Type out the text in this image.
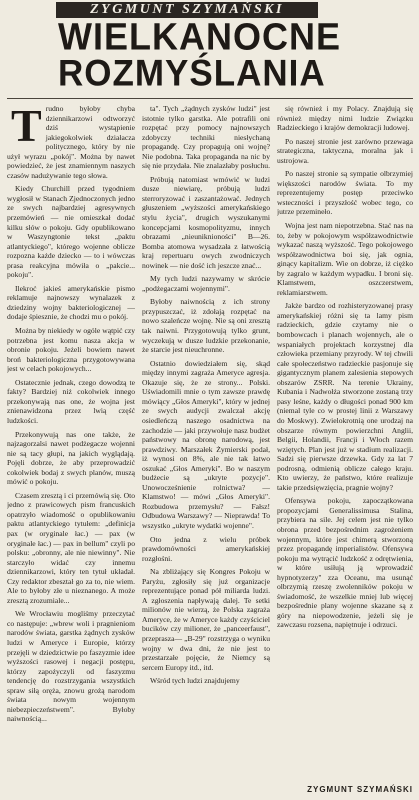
ZYGMUNT SZYMAŃSKI
WIELKANOCNE
ROZMYŚLANIA

Trudno byłoby chyba dziennikarzowi odtworzyć dziś wystąpienie jakiegokolwiek działacza politycznego, który by nie użył wyrazu „pokój". Można by nawet powiedzieć, że jest znamiennym naszych czasów nadużywanie tego słowa.

Kiedy Churchill przed tygodniem wygłosił w Stanach Zjednoczonych jedno ze swych najbardziej agresywnych przemówień — nie omieszkał dodać kilku słów o pokoju. Gdy opublikowano w Waszyngtonie tekst „paktu atlantyckiego", którego wojenne oblicze rozpozna każde dziecko — to i wówczas prasa reakcyjna mówiła o „pakcie... pokoju".

Ilekroć jakieś amerykańskie pismo reklamuje najnowszy wynalazek z dziedziny wojny bakteriologicznej — dodaje śpiesznie, że chodzi mu o pokój.

Można by niekiedy w ogóle wątpić czy potrzebna jest komu nasza akcja w obronie pokoju. Jeżeli bowiem nawet broń bakteriologiczna przygotowywana jest w celach pokojowych...

Ostatecznie jednak, czego dowodzą te fakty? Bardziej niż cokolwiek innego przekonywają nas one, że wojna jest znienawidzona przez lwią część ludzkości.

Przekonywują nas one także, że najzagorzalsi nawet podżegacze wojenni nie są tacy głupi, na jakich wyglądają. Pojęli dobrze, że aby przeprowadzić cokolwiek bodaj z swych planów, muszą mówić o pokoju.

Czasem zresztą i ci przemówią się. Oto jedno z prawicowych pism francuskich opatrzyło wiadomość o opublikowaniu paktu atlantyckiego tytułem: „definicja pax (w oryginale łac.) — pax (w oryginale łac.) — pax in bellum" czyli po polsku: „obronny, ale nie niewinny". Nie starczyło widać czy innemu dziennikarzowi, który ten tytuł układał. Czy redaktor zbeształ go za to, nie wiem. Ale to byłoby złe u nieznanego. A może zresztą zrozumiale...

We Wrocławiu mogliśmy przeczytać co następuje: „wbrew woli i pragnieniom narodów świata, garstka żądnych zysków ludzi w Ameryce i Europie, którzy przejęli w dziedzictwie po faszyzmie idee wyższości rasowej i negacji postępu, którzy zapożyczyli od faszyzmu tendencję do rozstrzygania wszystkich spraw siłą oręża, znowu grożą narodom świata nowym wojennym niebezpieczeństwem". Byłoby naiwnością...

ta". Tych „żądnych zysków ludzi" jest istotnie tylko garstka. Ale potrafili oni rozpętać przy pomocy najnowszych zdobyczy techniki niesłychaną propagandę. Czy propagują oni wojnę? Nie podobna. Taka propaganda na nic by się nie przydała. Nie znalazłaby posłuchu.

Próbują natomiast wmówić w ludzi dusze niewiarę, próbują ludzi sterroryzować i zaszantażować. Jednych głuszeniem „wyższości amerykańskiego stylu życia", drugich wyszukanymi koncepcjami kosmopolityzmu, innych obrazami „nieuniknioności" B—26. Bomba atomowa wysadzała z łatwością kraj repertuaru owych zwodniczych nowinek — nie dość ich jeszcze znać...

My tych ludzi nazywamy w skrócie „podżegaczami wojennymi".

Byłoby naiwnością z ich strony przypuszczać, iż zdołają rozpętać na nowo szaleńcze wojnę. Nie są oni zresztą tak naiwni. Przygotowują tylko grunt, wyczekują w dusze ludzkie przekonanie, że starcie jest nieuchronne.

Ostatnio dowiedziałem się, skąd między innymi zagraża Ameryce agresja. Okazuje się, że ze strony... Polski. Uświadomili mnie o tym zawsze prawdę mówiący „Głos Ameryki", który w jednej ze swych audycji zwalczał akcję osiedleńczą naszego osadnictwa na zachodzie — jaki przywołuje nasz budżet państwowy na obronę narodową, jest prawdziwy. Marszałek Żymierski podał, iż wynosi on 8%, ale nie tak łatwo oszukać „Głos Ameryki". Bo w naszym budżecie są „ukryte pozycje". Unowocześnienie rolnictwa? — Klamstwo! — mówi „Głos Ameryki". Rozbudowa przemysłu? — Fałsz! Odbudowa Warszawy? — Nieprawda! To wszystko „ukryte wydatki wojenne".

Oto jedna z wielu próbek prawdomówności amerykańskiej rozgłośni.

Na zbliżający się Kongres Pokoju w Paryżu, zgłosiły się już organizacje reprezentujące ponad pół miliarda ludzi. A zgłoszenia napływają dalej. Te setki milionów nie wierzą, że Polska zagraża Ameryce, że w Ameryce każdy czyściciel bucików czy milioner, że „panceerfaust", przeprasza— „B-29" rozstrzyga o wyniku wojny w dwa dni, że nie jest to przestarzałe pojęcie, że Niemcy są sercem Europy itd., itd.

Wśród tych ludzi znajdujemy

się również i my Polacy. Znajdują się również między nimi ludzie Związku Radzieckiego i krajów demokracji ludowej.

Po naszej stronie jest zarówno przewaga strategiczna, taktyczna, moralna jak i ustrojowa.

Po naszej stronie są sympatie olbrzymiej większości narodów świata. To my reprezentujemy postęp przeciwko wsteczności i przyszłość wobec tego, co jutrze przemineło.

Wojna jest nam niepotrzebna. Stać nas na to, żeby w pokojowym współzawodnictwie wykazać naszą wyższość. Tego pokojowego współzawodnictwa boi się, jak ognia, ginący kapitalizm. Wie on dobrze, iż ciężko by zagralo w każdym wypadku. I broni się. Klamstwem, oszczerstwem, reklamiarstwem.

Jakże bardzo od rozhisteryzowanej prasy amerykańskiej różni się ta lamy pism radzieckich, gdzie czytamy nie o bombowcach i planach wojennych, ale o wspaniałych projektach korzystnej dla człowieka przemiany przyrody. W tej chwili całe społeczeństwo radzieckie pasjonuje się gigantycznym planem zalesienia stepowych obszarów ZSRR. Na terenie Ukrainy, Kubania i Nadwołża stworzone zostaną trzy pasy leśne, każdy o długości ponad 900 km (niemal tyle co w prostej linii z Warszawy do Moskwy). Zwielokrotnią one urodzaj na obszarze równym powierzchni Anglii, Belgii, Holandii, Francji i Włoch razem wziętych. Plan jest już w stadium realizacji. Sadzi się pierwsze drzewka. Gdy za lat 7 podrosną, odmienią oblicze całego kraju. Kto uwierzy, że państwo, które realizuje takie przedsięwzięcia, pragnie wojny?

Ofensywa pokoju, zapoczątkowana propozycjami Generalissimusa Stalina, przybiera na sile. Jej celem jest nie tylko obrona przed bezpośrednim zagrożeniem wojennym, które jest chimerą stworzoną przez propagandę imperialistów. Ofensywa pokoju ma wytrącić ludzkość z odrętwienia, w które usiłują ją wprowadzić hypnotyzerzy" zza Oceanu, ma usunąć olbrzymią rzeszę zwolenników pokoju w świadomość, że wszelkie mniej lub więcej bezpośrednie plany wojenne skazane są z góry na niepowodzenie, jeżeli się je zawczasu rozsena, napiętnuje i odrzuci.

ZYGMUNT SZYMAŃSKI
